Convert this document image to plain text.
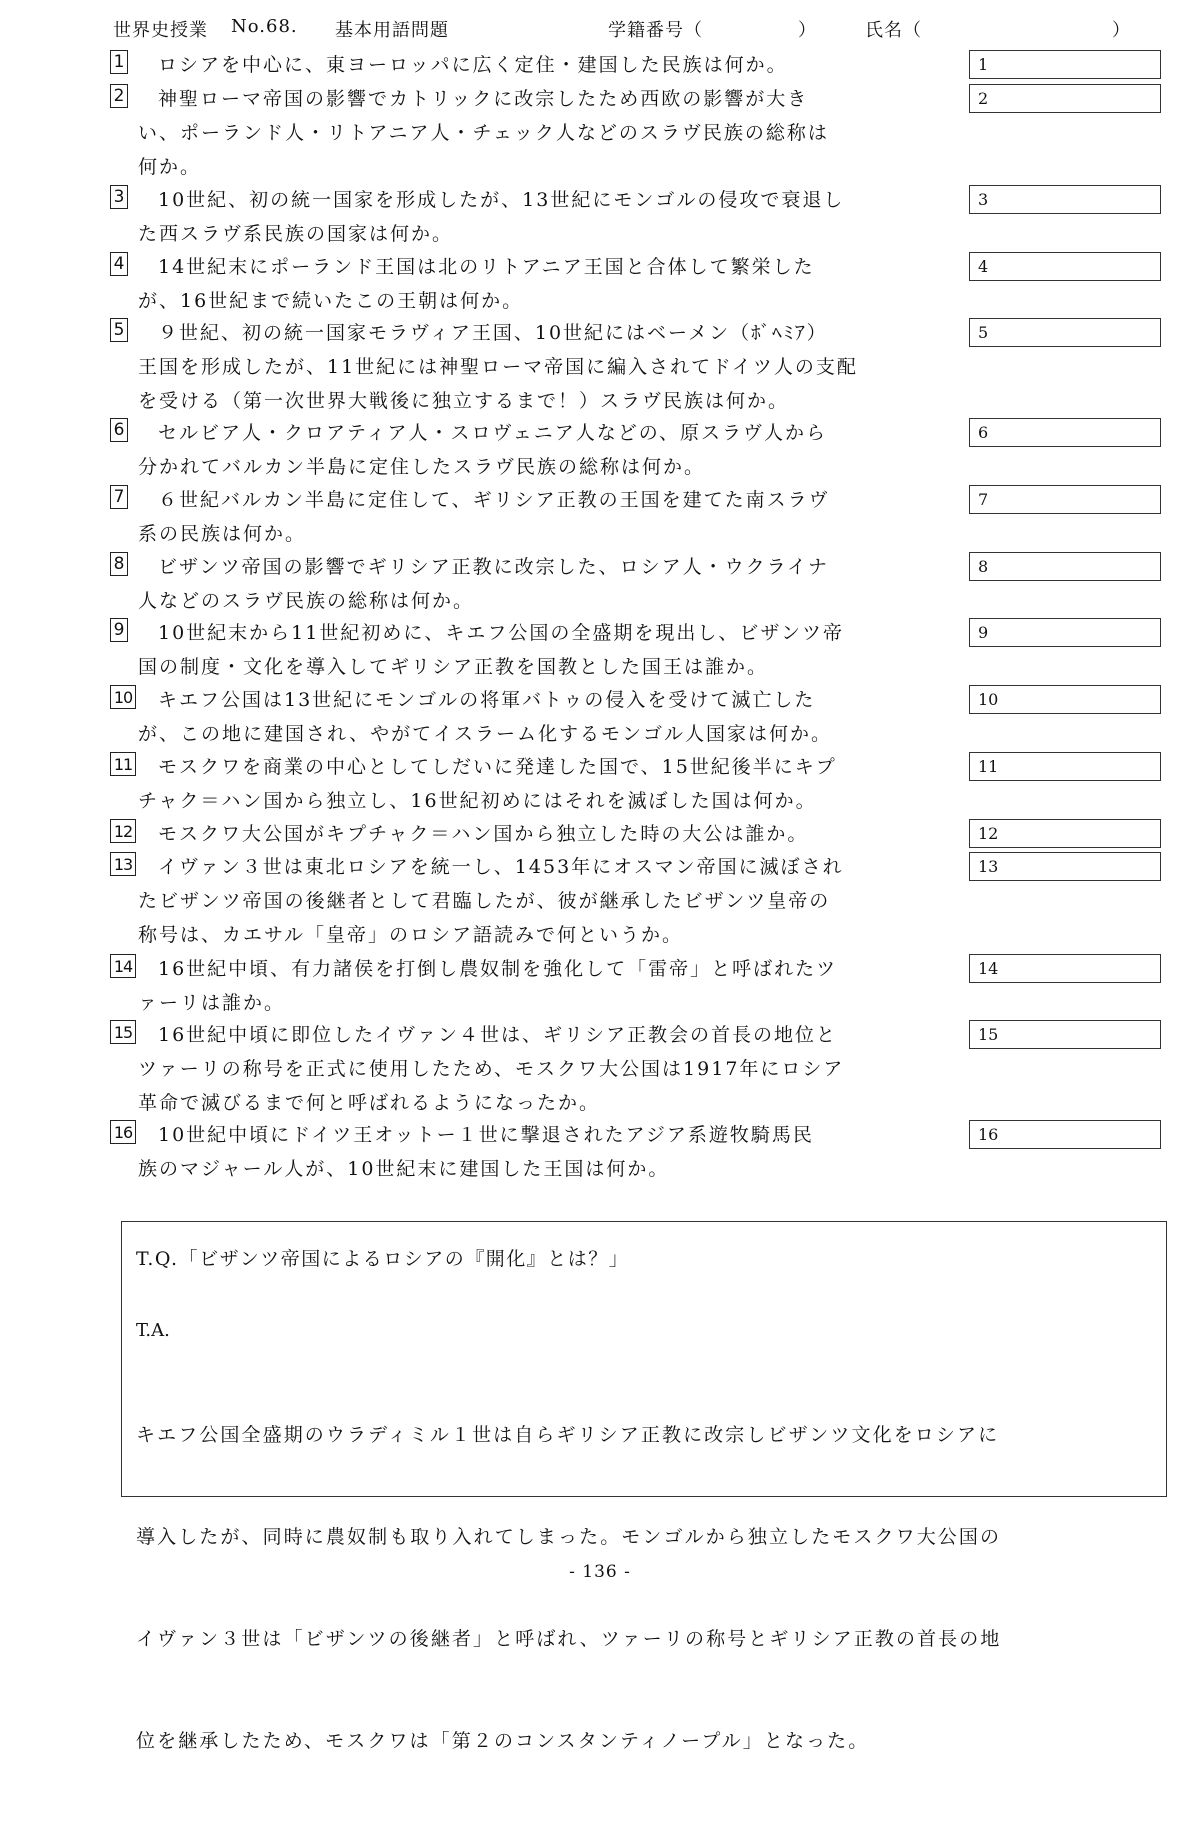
世界史授業 No.68. 基本用語問題	学籍番号（　　　　　）	氏名（　　　　　　　　　　）
1	ロシアを中心に、東ヨーロッパに広く定住・建国した民族は何か。	1
2	神聖ローマ帝国の影響でカトリックに改宗したため西欧の影響が大き
い、ポーランド人・リトアニア人・チェック人などのスラヴ民族の総称は
何か。
2
3	10世紀、初の統一国家を形成したが、13世紀にモンゴルの侵攻で衰退し
た西スラヴ系民族の国家は何か。
3
4	14世紀末にポーランド王国は北のリトアニア王国と合体して繁栄した
が、16世紀まで続いたこの王朝は何か。
4
5	９世紀、初の統一国家モラヴィア王国、10世紀にはベーメン（ﾎﾞﾍﾐｱ）
王国を形成したが、11世紀には神聖ローマ帝国に編入されてドイツ人の支配
を受ける（第一次世界大戦後に独立するまで！）スラヴ民族は何か。
5
6	セルビア人・クロアティア人・スロヴェニア人などの、原スラヴ人から
分かれてバルカン半島に定住したスラヴ民族の総称は何か。
6
7	６世紀バルカン半島に定住して、ギリシア正教の王国を建てた南スラヴ
系の民族は何か。
7
8	ビザンツ帝国の影響でギリシア正教に改宗した、ロシア人・ウクライナ
人などのスラヴ民族の総称は何か。
8
9	10世紀末から11世紀初めに、キエフ公国の全盛期を現出し、ビザンツ帝
国の制度・文化を導入してギリシア正教を国教とした国王は誰か。
9
10	キエフ公国は13世紀にモンゴルの将軍バトゥの侵入を受けて滅亡した
が、この地に建国され、やがてイスラーム化するモンゴル人国家は何か。
10
11	モスクワを商業の中心としてしだいに発達した国で、15世紀後半にキプ
チャク＝ハン国から独立し、16世紀初めにはそれを滅ぼした国は何か。
11
12	モスクワ大公国がキプチャク＝ハン国から独立した時の大公は誰か。	12
13	イヴァン３世は東北ロシアを統一し、1453年にオスマン帝国に滅ぼされ
たビザンツ帝国の後継者として君臨したが、彼が継承したビザンツ皇帝の
称号は、カエサル「皇帝」のロシア語読みで何というか。
13
14	16世紀中頃、有力諸侯を打倒し農奴制を強化して「雷帝」と呼ばれたツ
ァーリは誰か。
14
15	16世紀中頃に即位したイヴァン４世は、ギリシア正教会の首長の地位と
ツァーリの称号を正式に使用したため、モスクワ大公国は1917年にロシア
革命で滅びるまで何と呼ばれるようになったか。
15
16	10世紀中頃にドイツ王オットー１世に撃退されたアジア系遊牧騎馬民
族のマジャール人が、10世紀末に建国した王国は何か。
16
T.Q.「ビザンツ帝国によるロシアの『開化』とは？」
T.A.

キエフ公国全盛期のウラディミル１世は自らギリシア正教に改宗しビザンツ文化をロシアに

導入したが、同時に農奴制も取り入れてしまった。モンゴルから独立したモスクワ大公国の

イヴァン３世は「ビザンツの後継者」と呼ばれ、ツァーリの称号とギリシア正教の首長の地

位を継承したため、モスクワは「第２のコンスタンティノープル」となった。

- 136 -
